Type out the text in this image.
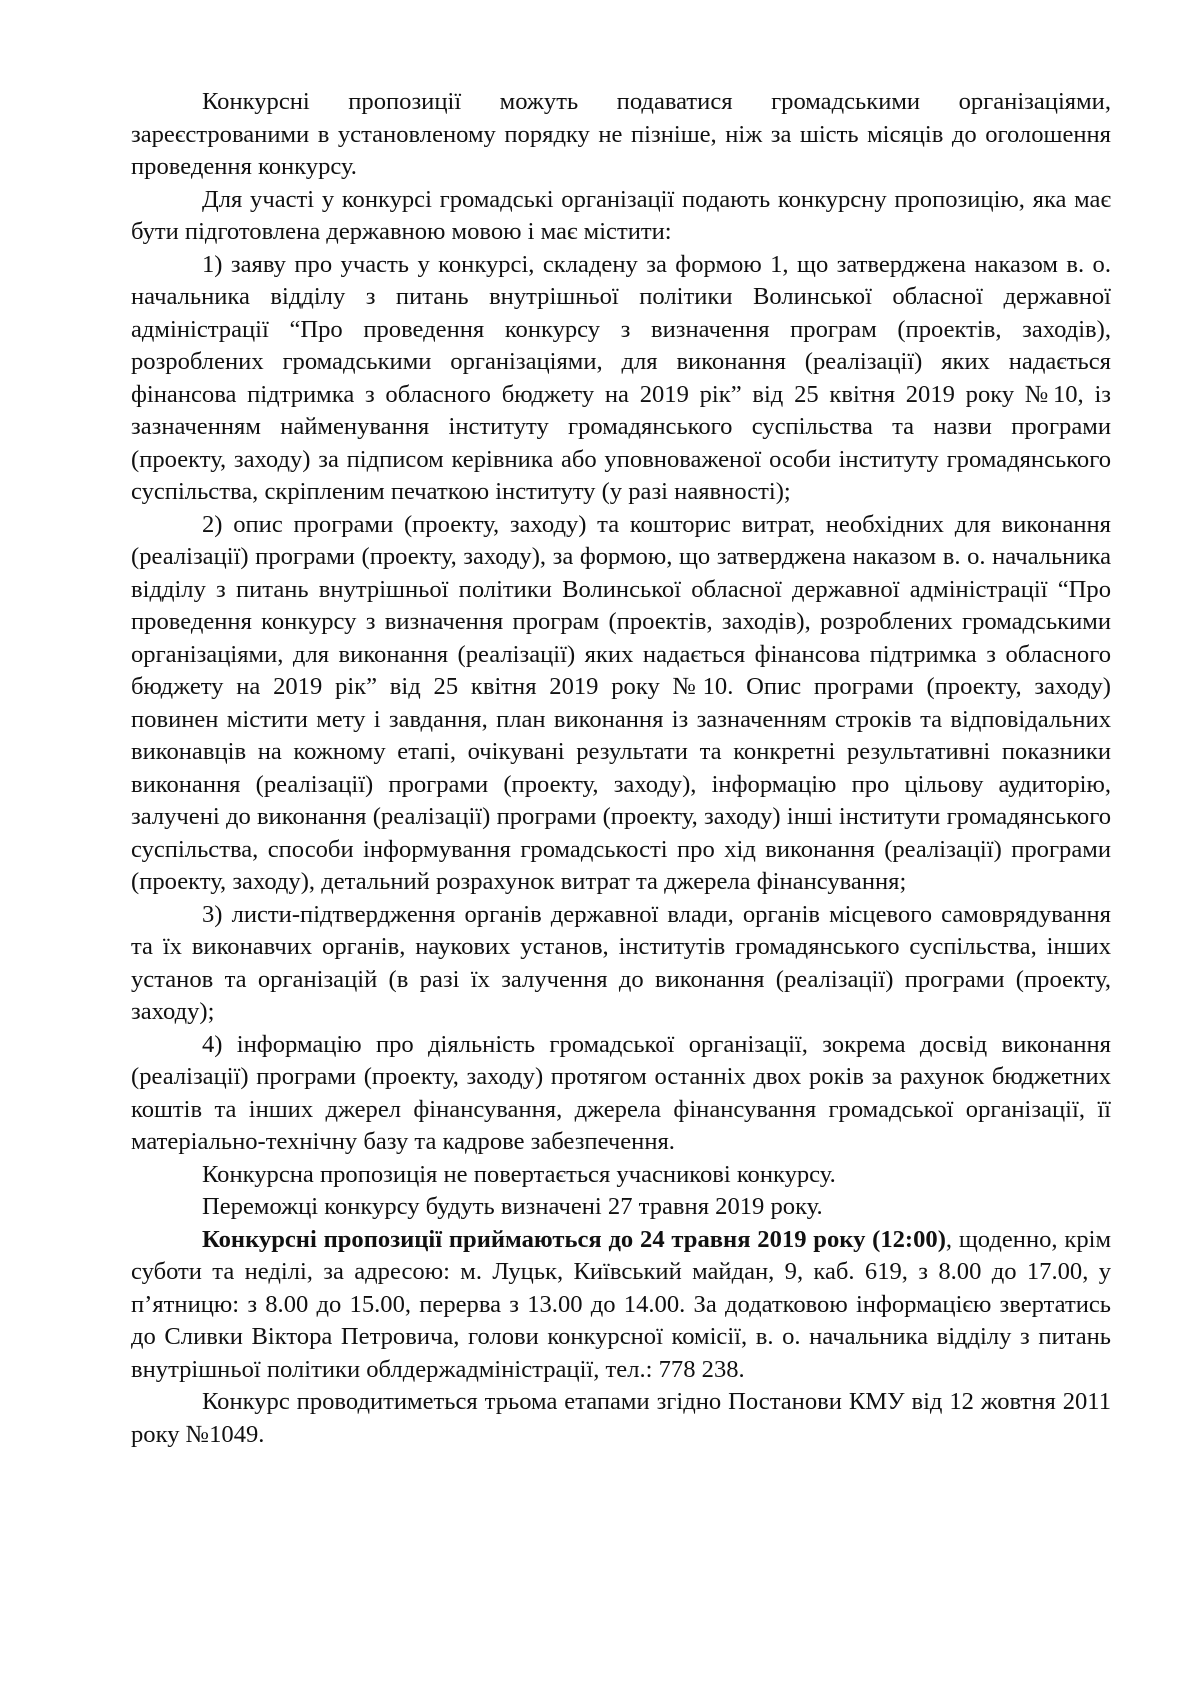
Конкурсні пропозиції можуть подаватися громадськими організаціями, зареєстрованими в установленому порядку не пізніше, ніж за шість місяців до оголошення проведення конкурсу.

Для участі у конкурсі громадські організації подають конкурсну пропозицію, яка має бути підготовлена державною мовою і має містити:

1) заяву про участь у конкурсі, складену за формою 1, що затверджена наказом в. о. начальника відділу з питань внутрішньої політики Волинської обласної державної адміністрації “Про проведення конкурсу з визначення програм (проектів, заходів), розроблених громадськими організаціями, для виконання (реалізації) яких надається фінансова підтримка з обласного бюджету на 2019 рік” від 25 квітня 2019 року №10, із зазначенням найменування інституту громадянського суспільства та назви програми (проекту, заходу) за підписом керівника або уповноваженої особи інституту громадянського суспільства, скріпленим печаткою інституту (у разі наявності);

2) опис програми (проекту, заходу) та кошторис витрат, необхідних для виконання (реалізації) програми (проекту, заходу), за формою, що затверджена наказом в. о. начальника відділу з питань внутрішньої політики Волинської обласної державної адміністрації “Про проведення конкурсу з визначення програм (проектів, заходів), розроблених громадськими організаціями, для виконання (реалізації) яких надається фінансова підтримка з обласного бюджету на 2019 рік” від 25 квітня 2019 року №10. Опис програми (проекту, заходу) повинен містити мету і завдання, план виконання із зазначенням строків та відповідальних виконавців на кожному етапі, очікувані результати та конкретні результативні показники виконання (реалізації) програми (проекту, заходу), інформацію про цільову аудиторію, залучені до виконання (реалізації) програми (проекту, заходу) інші інститути громадянського суспільства, способи інформування громадськості про хід виконання (реалізації) програми (проекту, заходу), детальний розрахунок витрат та джерела фінансування;

3) листи-підтвердження органів державної влади, органів місцевого самоврядування та їх виконавчих органів, наукових установ, інститутів громадянського суспільства, інших установ та організацій (в разі їх залучення до виконання (реалізації) програми (проекту, заходу);

4) інформацію про діяльність громадської організації, зокрема досвід виконання (реалізації) програми (проекту, заходу) протягом останніх двох років за рахунок бюджетних коштів та інших джерел фінансування, джерела фінансування громадської організації, її матеріально-технічну базу та кадрове забезпечення.

Конкурсна пропозиція не повертається учасникові конкурсу.

Переможці конкурсу будуть визначені 27 травня 2019 року.

Конкурсні пропозиції приймаються до 24 травня 2019 року (12:00), щоденно, крім суботи та неділі, за адресою: м. Луцьк, Київський майдан, 9, каб. 619, з 8.00 до 17.00, у п’ятницю: з 8.00 до 15.00, перерва з 13.00 до 14.00. За додатковою інформацією звертатись до Сливки Віктора Петровича, голови конкурсної комісії, в. о. начальника відділу з питань внутрішньої політики облдержадміністрації, тел.: 778 238.

Конкурс проводитиметься трьома етапами згідно Постанови КМУ від 12 жовтня 2011 року №1049.
